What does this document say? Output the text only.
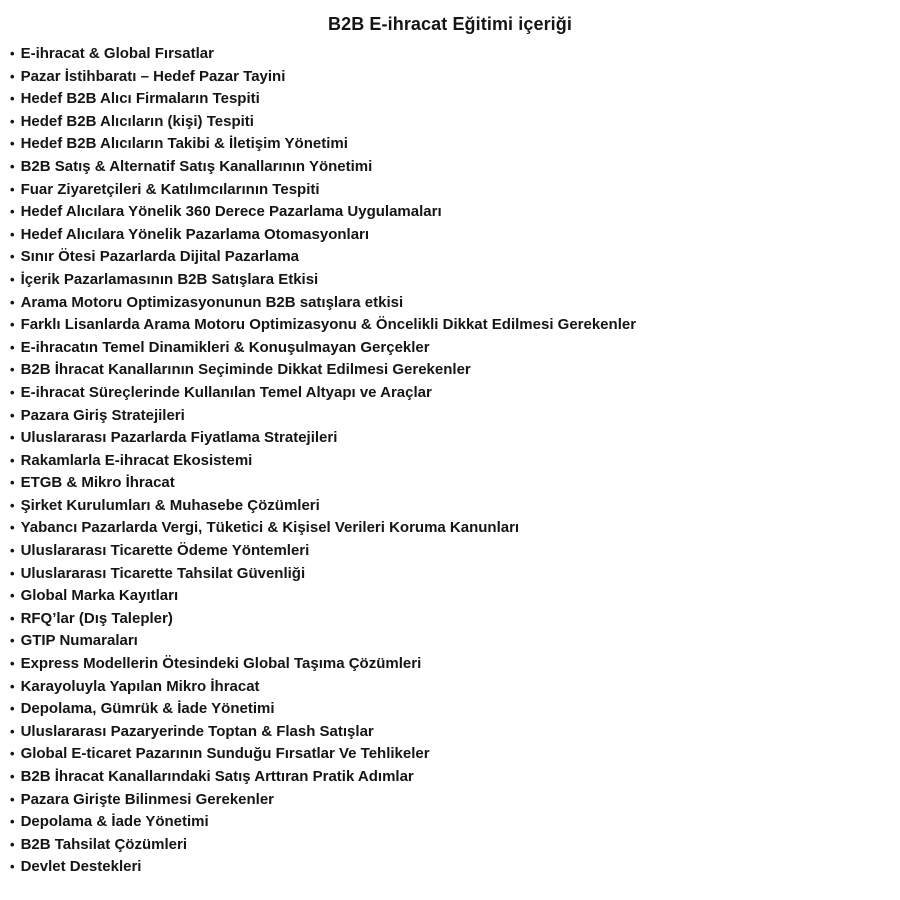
B2B E-ihracat Eğitimi içeriği
• E-ihracat & Global Fırsatlar
• Pazar İstihbaratı – Hedef Pazar Tayini
• Hedef B2B Alıcı Firmaların Tespiti
• Hedef B2B Alıcıların (kişi) Tespiti
• Hedef B2B Alıcıların Takibi & İletişim Yönetimi
• B2B Satış & Alternatif Satış Kanallarının Yönetimi
• Fuar Ziyaretçileri & Katılımcılarının Tespiti
• Hedef Alıcılara Yönelik 360 Derece Pazarlama Uygulamaları
• Hedef Alıcılara Yönelik Pazarlama Otomasyonları
• Sınır Ötesi Pazarlarda Dijital Pazarlama
• İçerik Pazarlamasının B2B Satışlara Etkisi
• Arama Motoru Optimizasyonunun B2B satışlara etkisi
• Farklı Lisanlarda Arama Motoru Optimizasyonu & Öncelikli Dikkat Edilmesi Gerekenler
• E-ihracatın Temel Dinamikleri & Konuşulmayan Gerçekler
• B2B İhracat Kanallarının Seçiminde Dikkat Edilmesi Gerekenler
• E-ihracat Süreçlerinde Kullanılan Temel Altyapı ve Araçlar
• Pazara Giriş Stratejileri
• Uluslararası Pazarlarda Fiyatlama Stratejileri
• Rakamlarla E-ihracat Ekosistemi
• ETGB & Mikro İhracat
• Şirket Kurulumları & Muhasebe Çözümleri
• Yabancı Pazarlarda Vergi, Tüketici & Kişisel Verileri Koruma Kanunları
• Uluslararası Ticarette Ödeme Yöntemleri
• Uluslararası Ticarette Tahsilat Güvenliği
• Global Marka Kayıtları
• RFQ’lar (Dış Talepler)
• GTIP Numaraları
• Express Modellerin Ötesindeki Global Taşıma Çözümleri
• Karayoluyla Yapılan Mikro İhracat
• Depolama, Gümrük & İade Yönetimi
• Uluslararası Pazaryerinde Toptan & Flash Satışlar
• Global E-ticaret Pazarının Sunduğu Fırsatlar Ve Tehlikeler
• B2B İhracat Kanallarındaki Satış Arttıran Pratik Adımlar
• Pazara Girişte Bilinmesi Gerekenler
• Depolama & İade Yönetimi
• B2B Tahsilat Çözümleri
• Devlet Destekleri
